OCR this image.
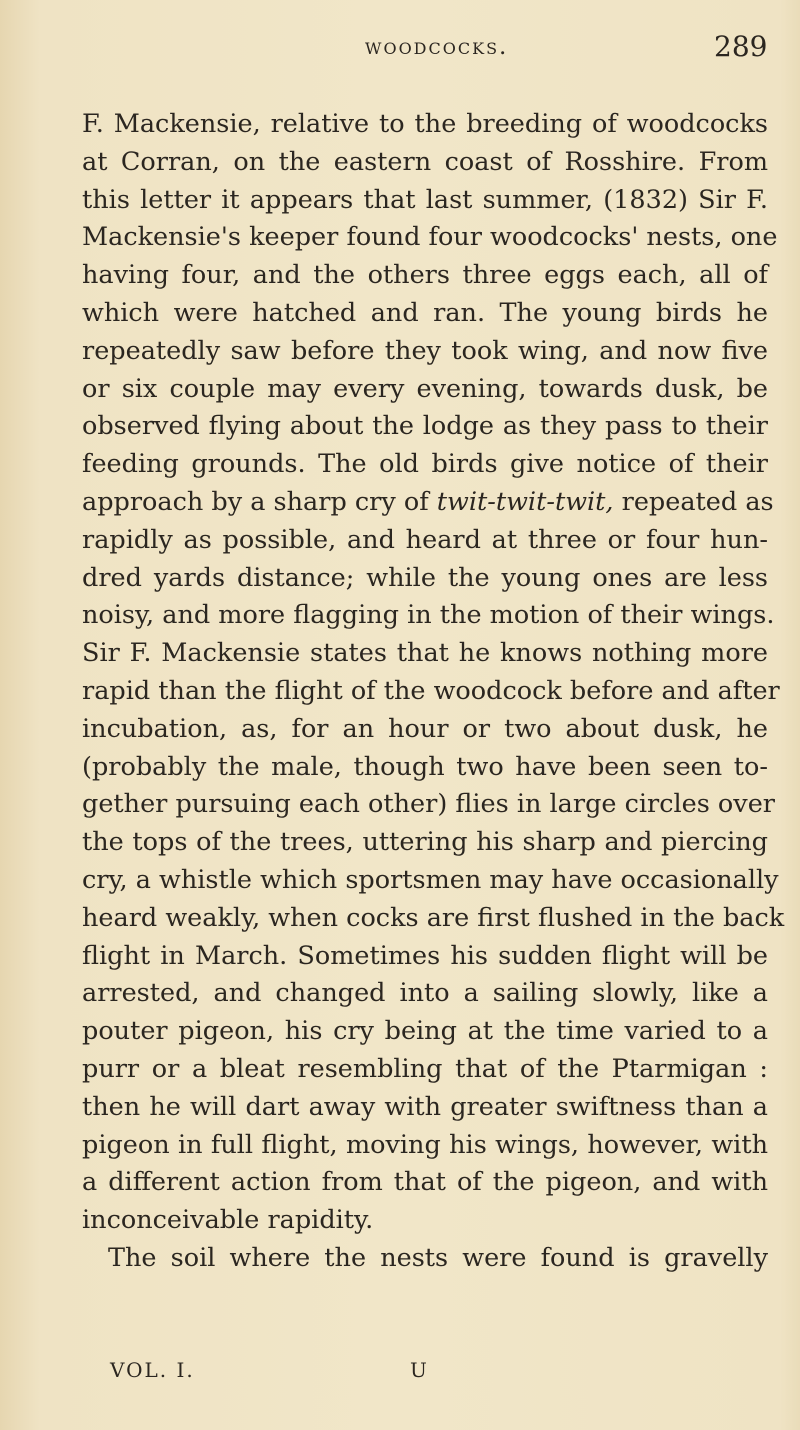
woodcocks.	289
F. Mackensie, relative to the breeding of woodcocks
at Corran, on the eastern coast of Rosshire. From
this letter it appears that last summer, (1832) Sir F.
Mackensie's keeper found four woodcocks' nests, one
having four, and the others three eggs each, all of
which were hatched and ran. The young birds he
repeatedly saw before they took wing, and now five
or six couple may every evening, towards dusk, be
observed flying about the lodge as they pass to their
feeding grounds. The old birds give notice of their
approach by a sharp cry of twit-twit-twit, repeated as
rapidly as possible, and heard at three or four hun-
dred yards distance; while the young ones are less
noisy, and more flagging in the motion of their wings.
Sir F. Mackensie states that he knows nothing more
rapid than the flight of the woodcock before and after
incubation, as, for an hour or two about dusk, he
(probably the male, though two have been seen to-
gether pursuing each other) flies in large circles over
the tops of the trees, uttering his sharp and piercing
cry, a whistle which sportsmen may have occasionally
heard weakly, when cocks are first flushed in the back
flight in March. Sometimes his sudden flight will be
arrested, and changed into a sailing slowly, like a
pouter pigeon, his cry being at the time varied to a
purr or a bleat resembling that of the Ptarmigan :
then he will dart away with greater swiftness than a
pigeon in full flight, moving his wings, however, with
a different action from that of the pigeon, and with
inconceivable rapidity.
The soil where the nests were found is gravelly
VOL. I.	U
